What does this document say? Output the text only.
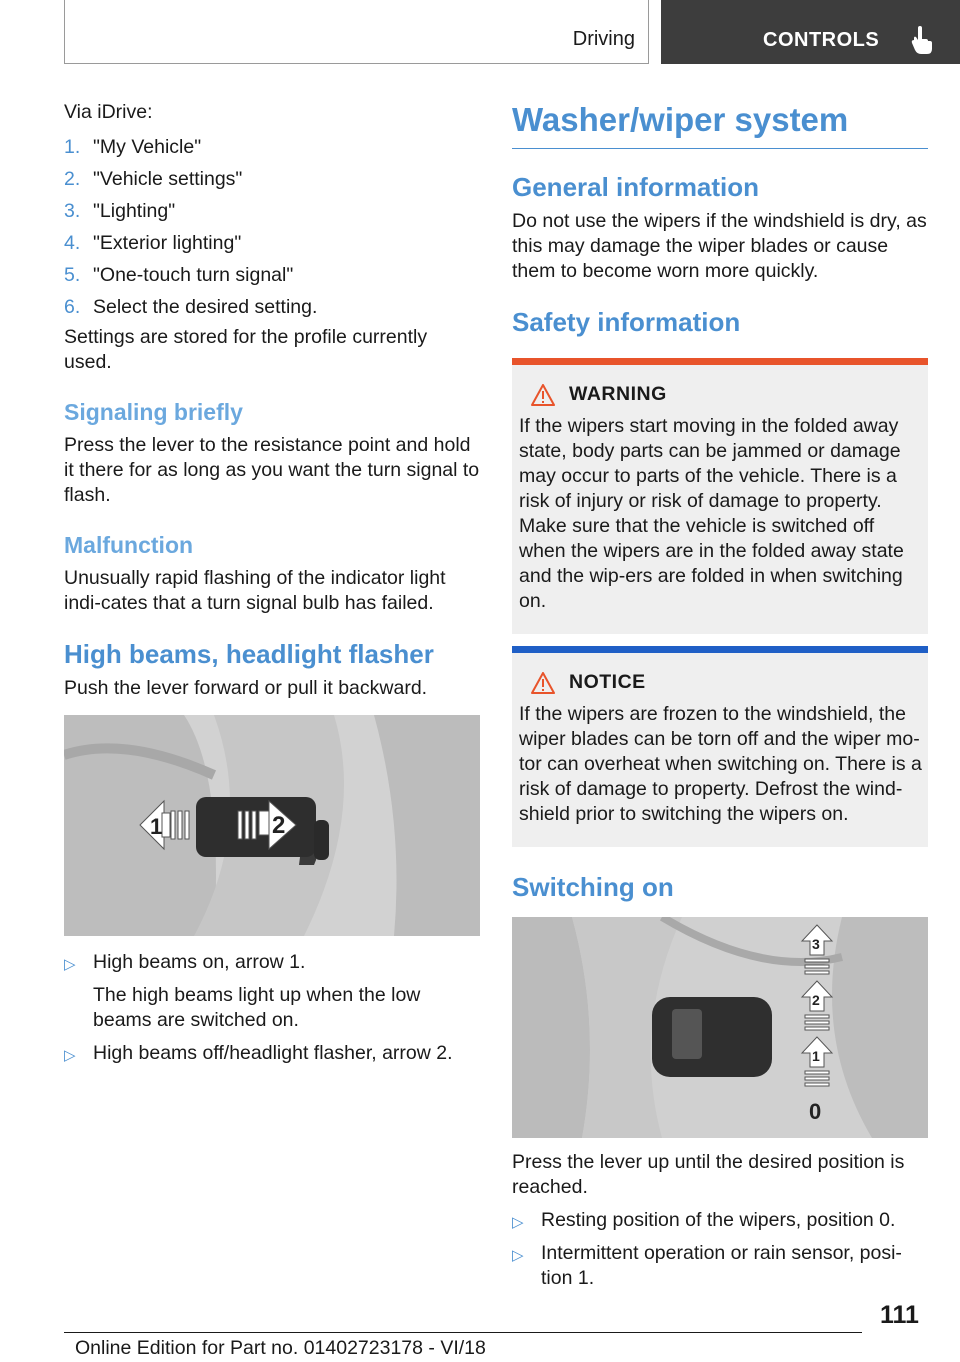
Driving	CONTROLS

Via iDrive:

1. "My Vehicle"
2. "Vehicle settings"
3. "Lighting"
4. "Exterior lighting"
5. "One-touch turn signal"
6. Select the desired setting.

Settings are stored for the profile currently used.

Signaling briefly

Press the lever to the resistance point and hold it there for as long as you want the turn signal to flash.

Malfunction

Unusually rapid flashing of the indicator light indi-cates that a turn signal bulb has failed.

High beams, headlight flasher

Push the lever forward or pull it backward.

1	2
▷ High beams on, arrow 1.
The high beams light up when the low beams are switched on.
▷ High beams off/headlight flasher, arrow 2.
Washer/wiper system
General information

Do not use the wipers if the windshield is dry, as this may damage the wiper blades or cause them to become worn more quickly.

Safety information
WARNING

If the wipers start moving in the folded away state, body parts can be jammed or damage may occur to parts of the vehicle. There is a risk of injury or risk of damage to property. Make sure that the vehicle is switched off when the wipers are in the folded away state and the wip-ers are folded in when switching on.

NOTICE

If the wipers are frozen to the windshield, the wiper blades can be torn off and the wiper mo-tor can overheat when switching on. There is a risk of damage to property. Defrost the wind-shield prior to switching the wipers on.

Switching on
3
2
1
0

Press the lever up until the desired position is reached.

▷ Resting position of the wipers, position 0.
▷ Intermittent operation or rain sensor, posi-tion 1.
111
Online Edition for Part no. 01402723178 - VI/18
